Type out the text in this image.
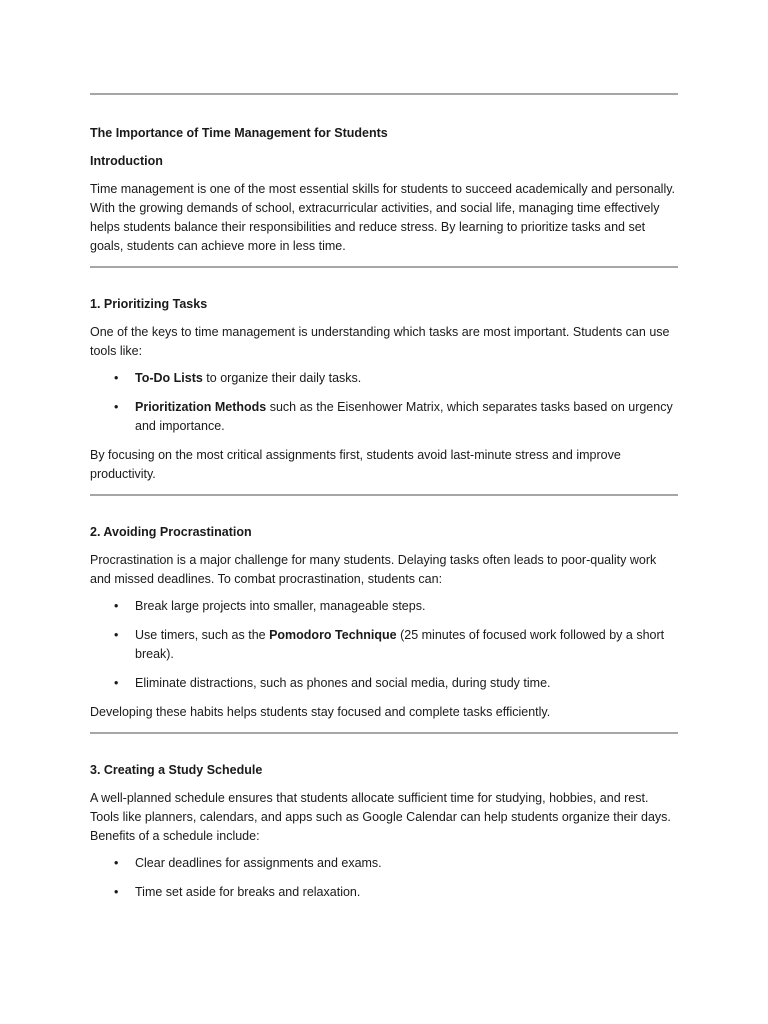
The Importance of Time Management for Students
Introduction

Time management is one of the most essential skills for students to succeed academically and personally. With the growing demands of school, extracurricular activities, and social life, managing time effectively helps students balance their responsibilities and reduce stress. By learning to prioritize tasks and set goals, students can achieve more in less time.

1. Prioritizing Tasks

One of the keys to time management is understanding which tasks are most important. Students can use tools like:

• To-Do Lists to organize their daily tasks.
• Prioritization Methods such as the Eisenhower Matrix, which separates tasks based on urgency and importance.

By focusing on the most critical assignments first, students avoid last-minute stress and improve productivity.

2. Avoiding Procrastination

Procrastination is a major challenge for many students. Delaying tasks often leads to poor-quality work and missed deadlines. To combat procrastination, students can:

• Break large projects into smaller, manageable steps.
• Use timers, such as the Pomodoro Technique (25 minutes of focused work followed by a short break).
• Eliminate distractions, such as phones and social media, during study time.

Developing these habits helps students stay focused and complete tasks efficiently.

3. Creating a Study Schedule

A well-planned schedule ensures that students allocate sufficient time for studying, hobbies, and rest. Tools like planners, calendars, and apps such as Google Calendar can help students organize their days. Benefits of a schedule include:

• Clear deadlines for assignments and exams.
• Time set aside for breaks and relaxation.
